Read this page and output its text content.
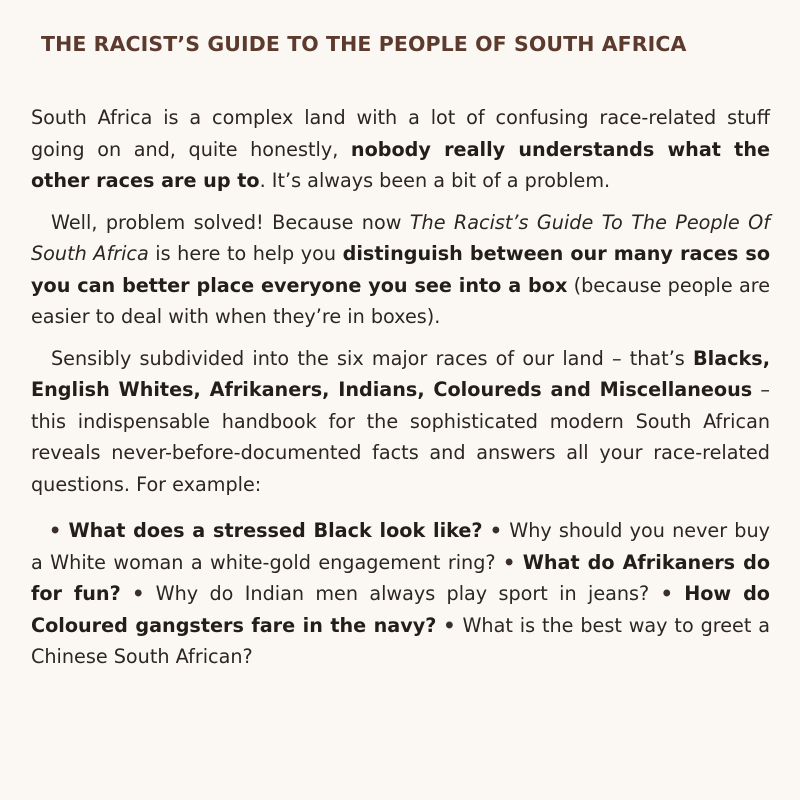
THE RACIST’S GUIDE TO THE PEOPLE OF SOUTH AFRICA

South Africa is a complex land with a lot of confusing race-related stuff going on and, quite honestly, nobody really understands what the other races are up to. It’s always been a bit of a problem.

Well, problem solved! Because now The Racist’s Guide To The People Of South Africa is here to help you distinguish between our many races so you can better place everyone you see into a box (because people are easier to deal with when they’re in boxes).

Sensibly subdivided into the six major races of our land – that’s Blacks, English Whites, Afrikaners, Indians, Coloureds and Miscellaneous – this indispensable handbook for the sophisticated modern South African reveals never-before-documented facts and answers all your race-related questions. For example:

• What does a stressed Black look like? • Why should you never buy a White woman a white-gold engagement ring? • What do Afrikaners do for fun? • Why do Indian men always play sport in jeans? • How do Coloured gangsters fare in the navy? • What is the best way to greet a Chinese South African?
